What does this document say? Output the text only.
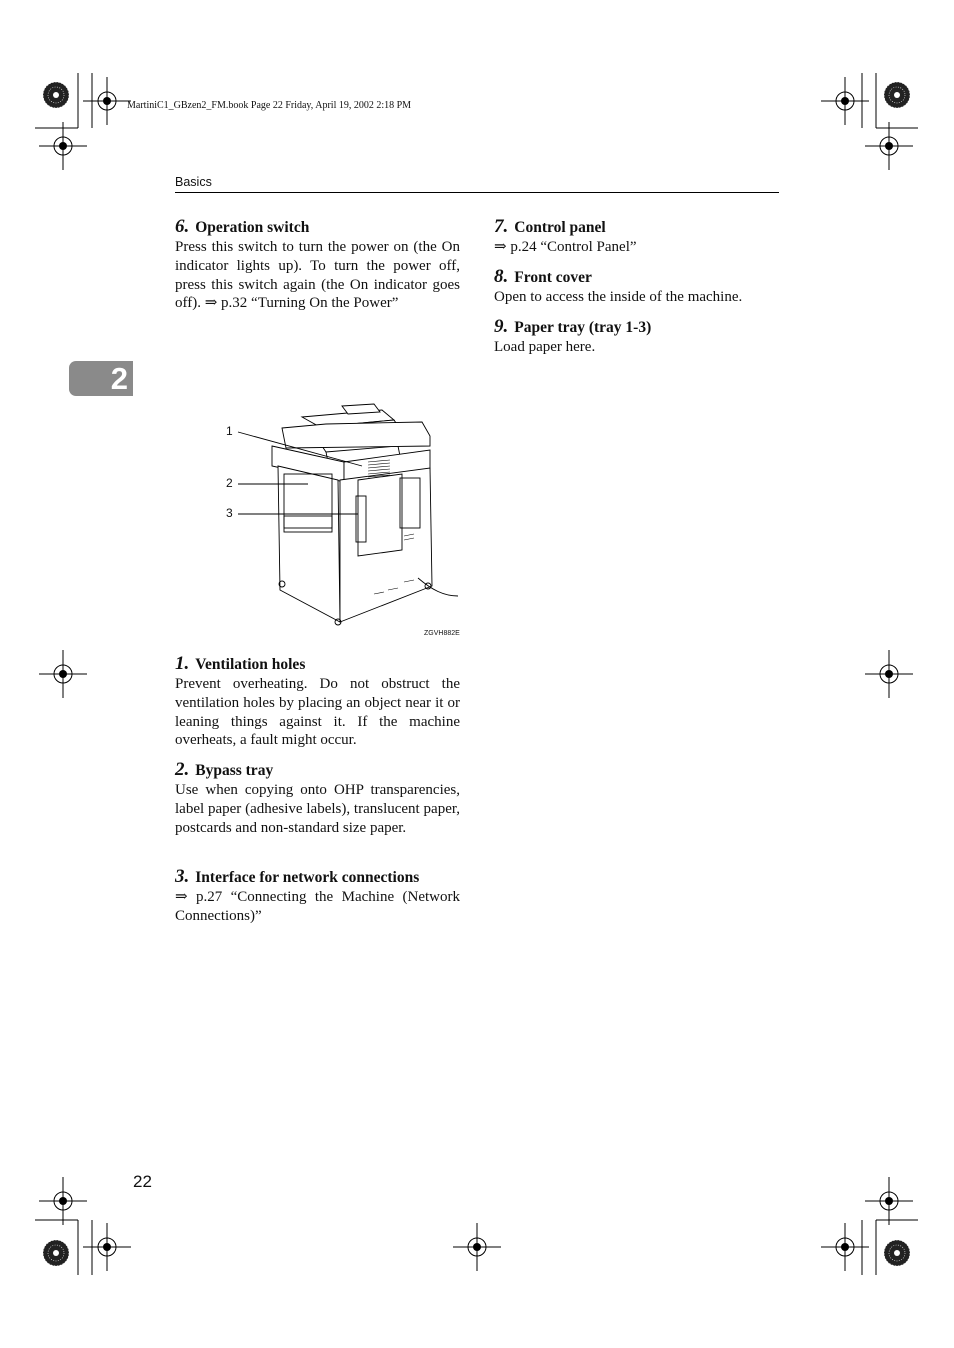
MartiniC1_GBzen2_FM.book Page 22 Friday, April 19, 2002 2:18 PM
Basics
2
6. Operation switch
Press this switch to turn the power on (the On indicator lights up). To turn the power off, press this switch again (the On indicator goes off). ⇒ p.32 “Turning On the Power”
7. Control panel
⇒ p.24 “Control Panel”
8. Front cover
Open to access the inside of the machine.
9. Paper tray (tray 1-3)
Load paper here.
1
2
3
ZGVH882E
1. Ventilation holes
Prevent overheating. Do not obstruct the ventilation holes by placing an object near it or leaning things against it. If the machine overheats, a fault might occur.
2. Bypass tray
Use when copying onto OHP transparencies, label paper (adhesive labels), translucent paper, postcards and non-standard size paper.
3. Interface for network connections
⇒ p.27 “Connecting the Machine (Network Connections)”
22
